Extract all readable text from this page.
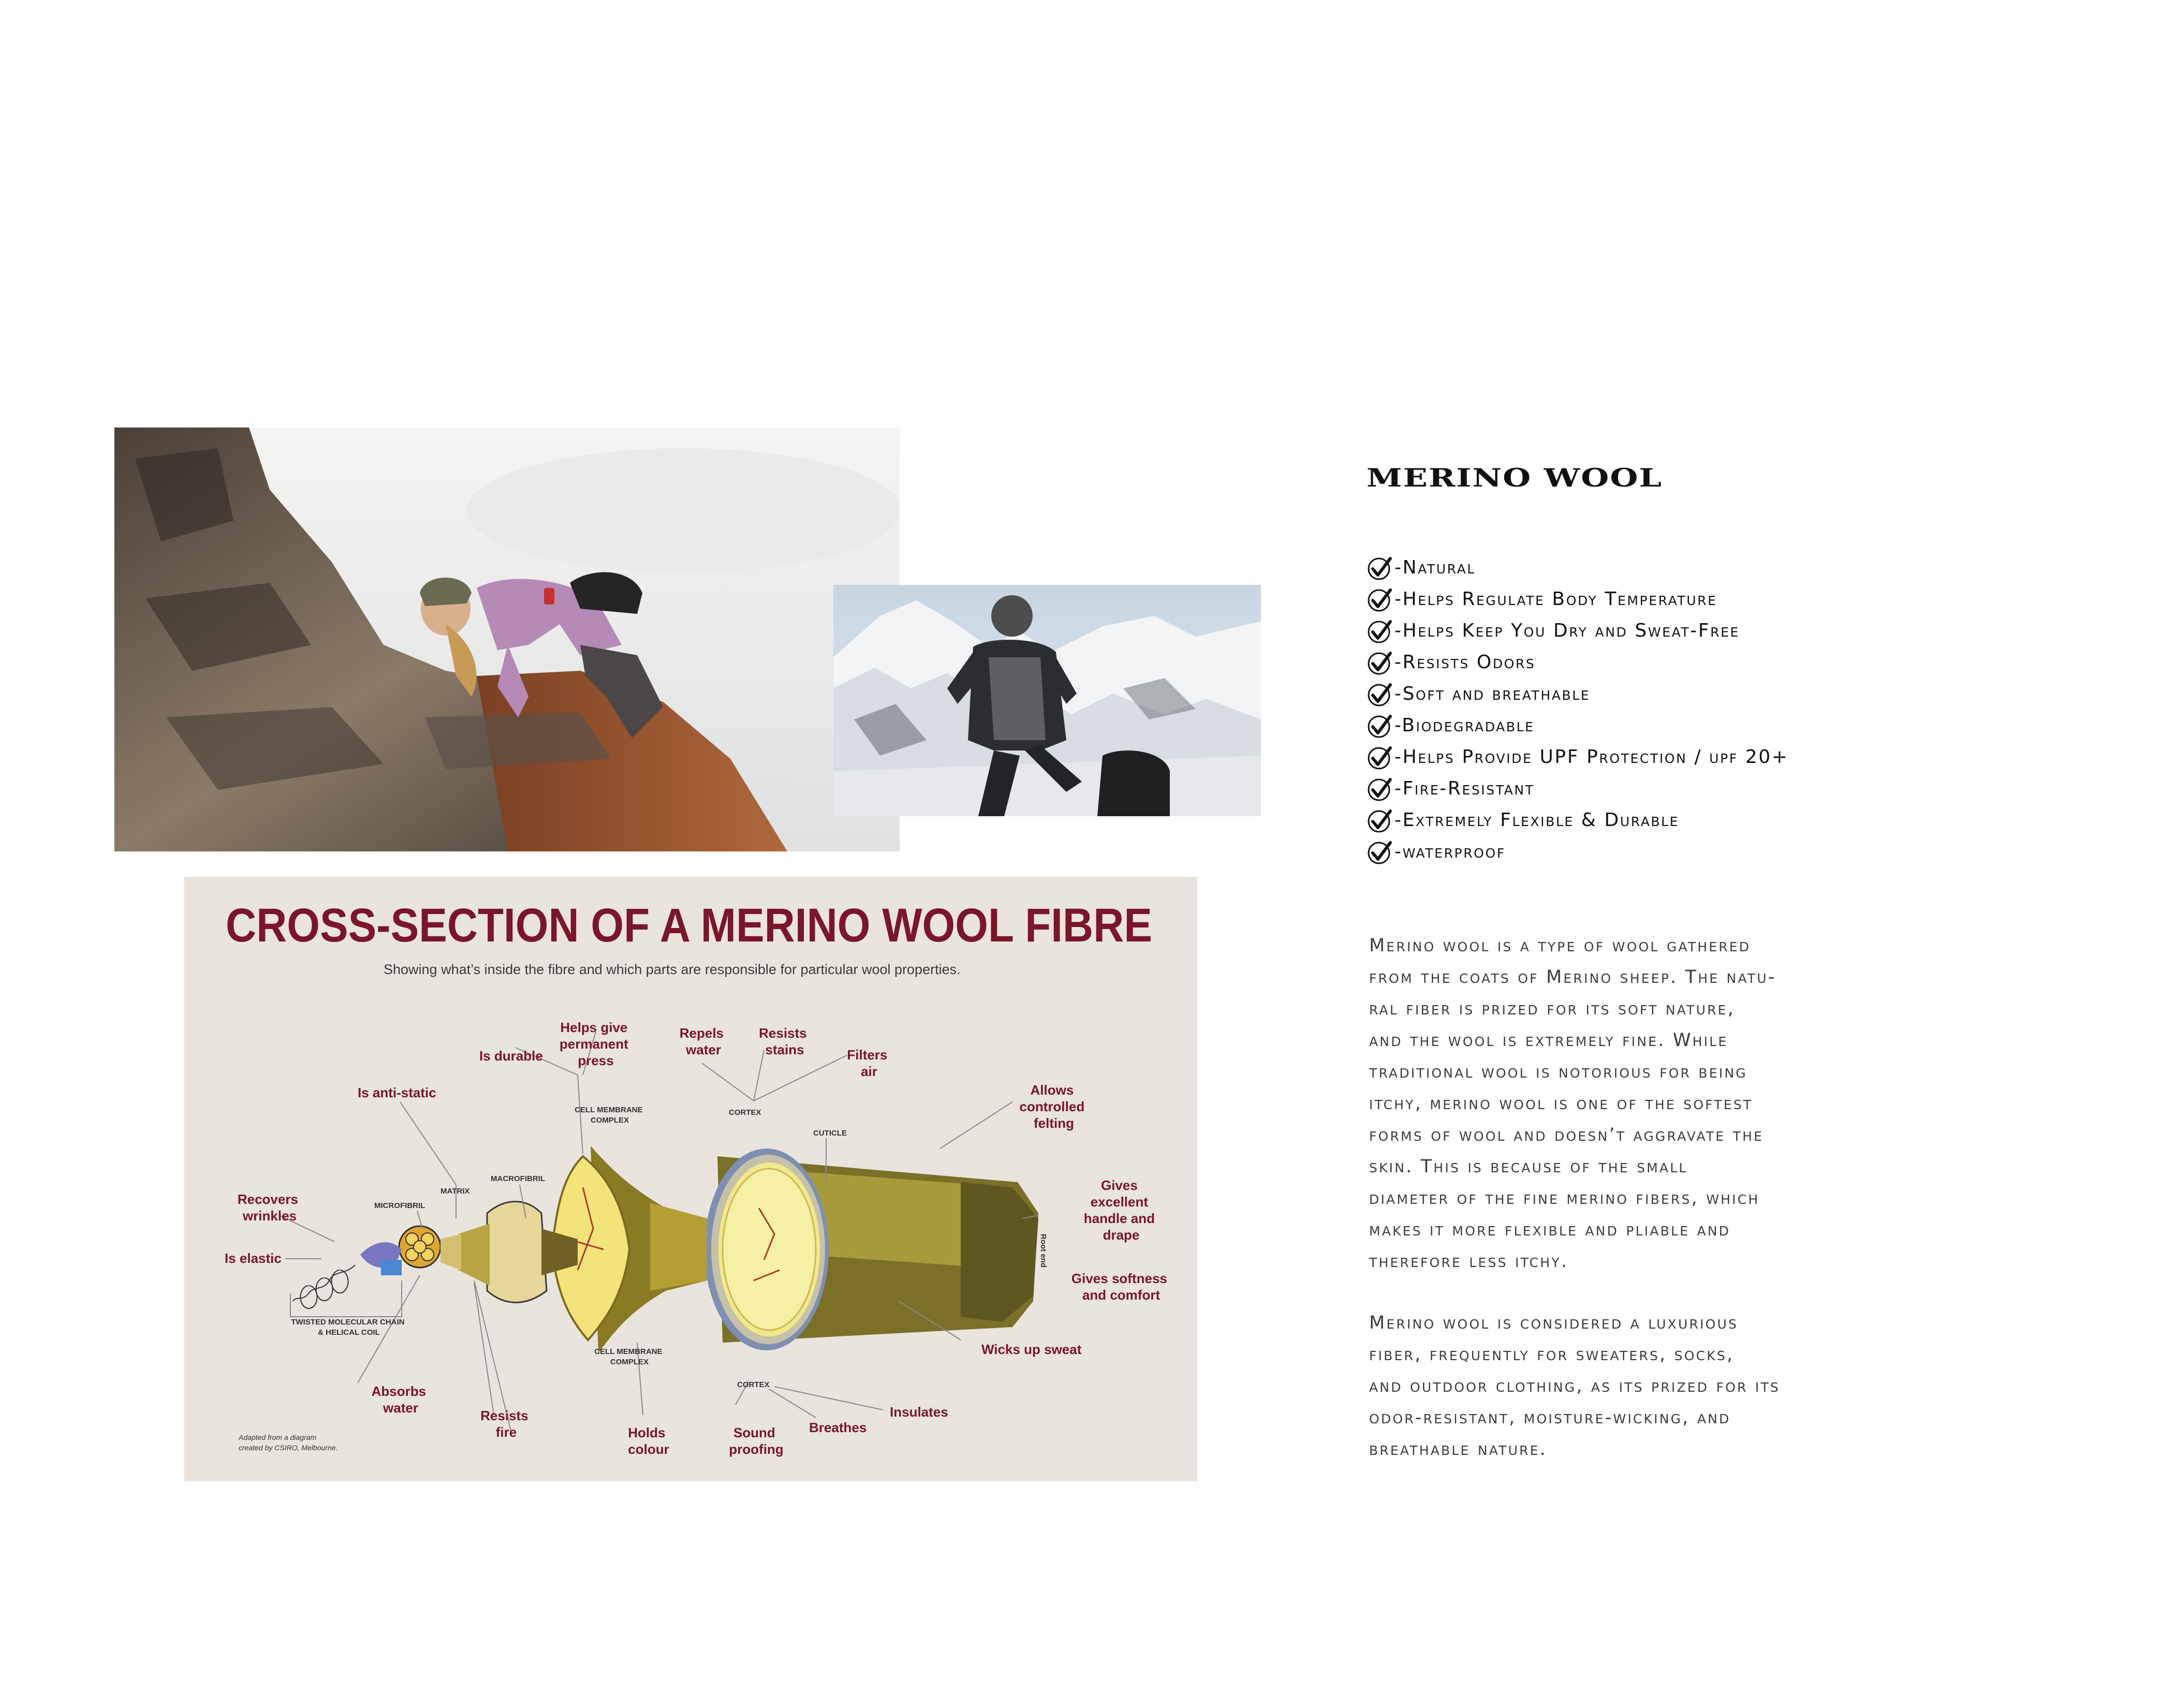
CROSS-SECTION OF A MERINO WOOL FIBRE
Showing what’s inside the fibre and which parts are responsible for particular wool properties.
Is durable
Helps give permanent press
Repels water
Resists stains	Filters air
Is anti-static	Allows controlled felting
Recovers wrinkles
Is elastic
Gives excellent handle and drape
Gives softness and comfort
Wicks up sweat
Absorbs water	Resists fire	Holds colour
Sound proofing
Breathes
Insulates
CELL MEMBRANE COMPLEX
CORTEX
CUTICLE
MACROFIBRIL
MATRIX
MICROFIBRIL
TWISTED MOLECULAR CHAIN & HELICAL COIL
CELL MEMBRANE COMPLEX
CORTEX
Root end
Adapted from a diagram created by CSIRO, Melbourne.
MERINO WOOL
-Natural
-Helps Regulate Body Temperature
-Helps Keep You Dry and Sweat-Free
-Resists Odors
-Soft and breathable
-Biodegradable
-Helps Provide UPF Protection / upf 20+
-Fire-Resistant
-Extremely Flexible & Durable
-waterproof

Merino wool is a type of wool gathered
from the coats of Merino sheep. The natu-
ral fiber is prized for its soft nature,
and the wool is extremely fine. While
traditional wool is notorious for being
itchy, merino wool is one of the softest
forms of wool and doesn’t aggravate the
skin. This is because of the small
diameter of the fine merino fibers, which
makes it more flexible and pliable and
therefore less itchy.

Merino wool is considered a luxurious
fiber, frequently for sweaters, socks,
and outdoor clothing, as its prized for its
odor-resistant, moisture-wicking, and
breathable nature.
